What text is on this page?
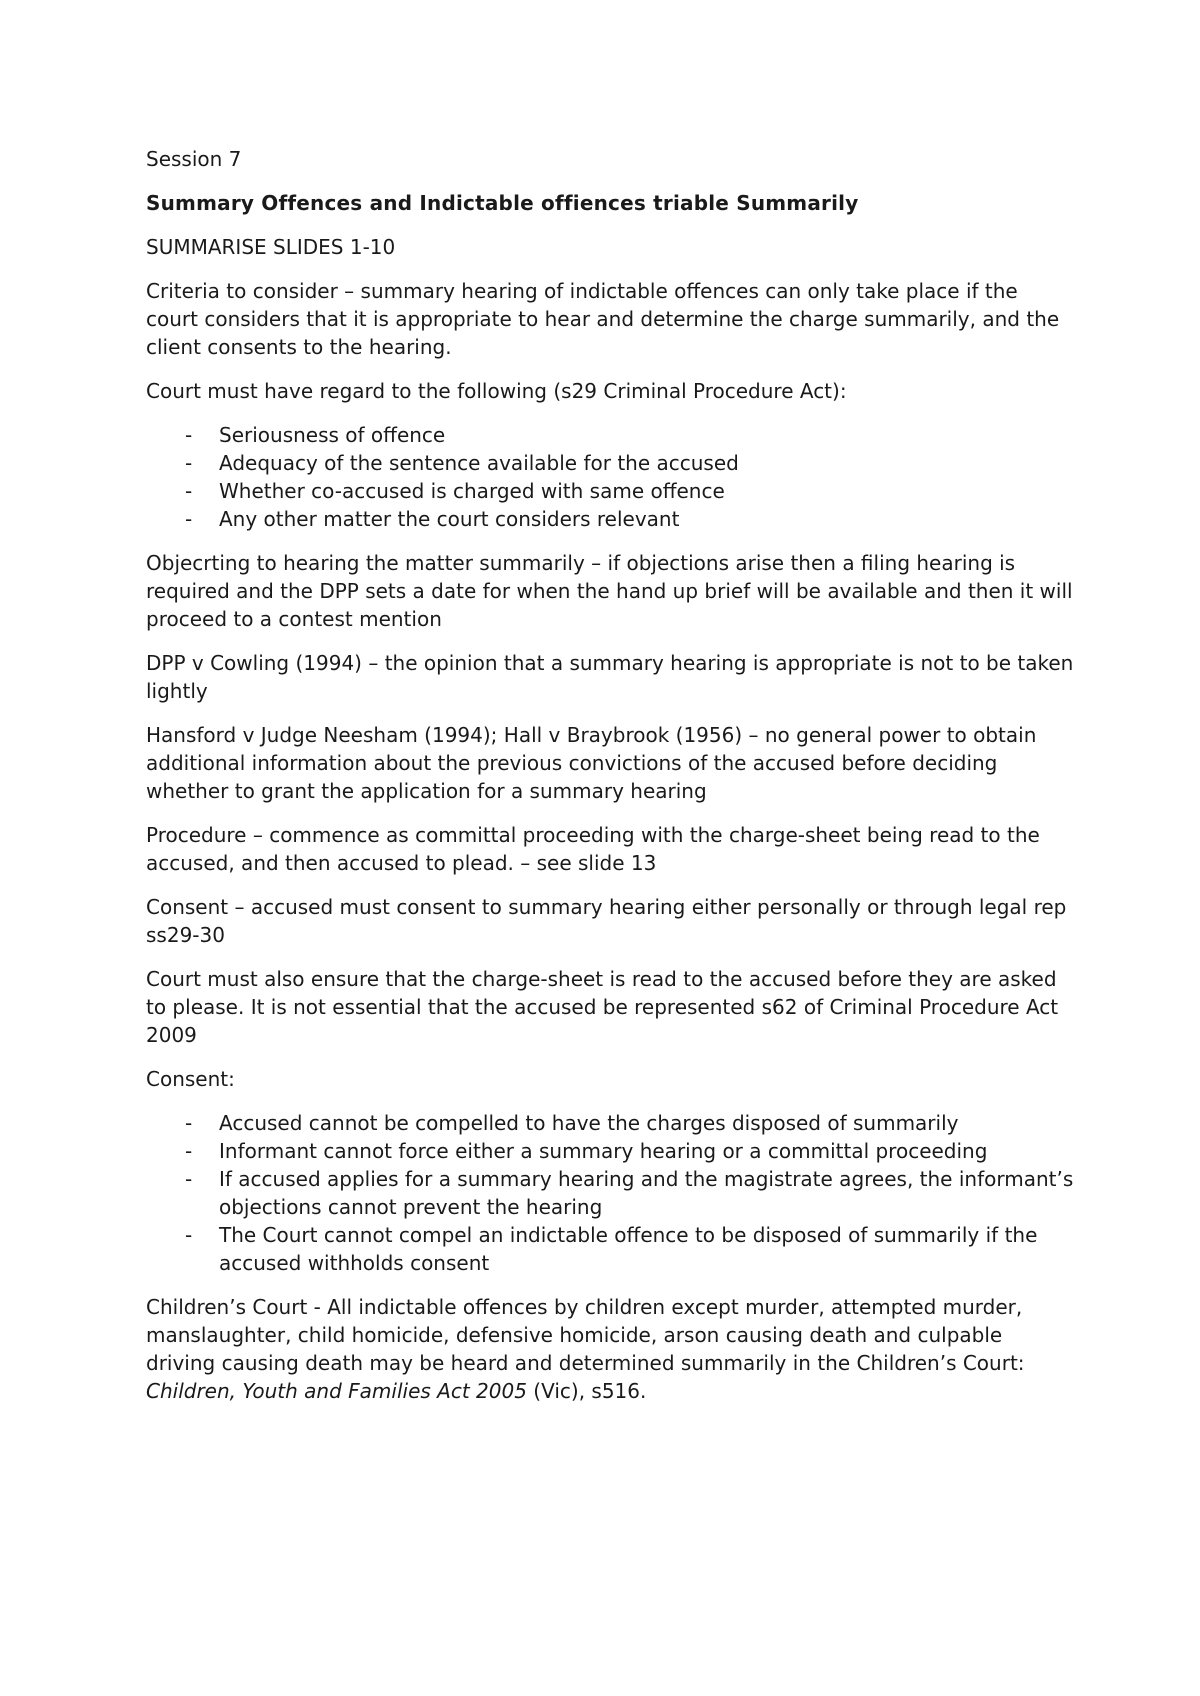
Session 7

Summary Offences and Indictable offiences triable Summarily

SUMMARISE SLIDES 1-10

Criteria to consider – summary hearing of indictable offences can only take place if the court considers that it is appropriate to hear and determine the charge summarily, and the client consents to the hearing.

Court must have regard to the following (s29 Criminal Procedure Act):

- Seriousness of offence
- Adequacy of the sentence available for the accused
- Whether co-accused is charged with same offence
- Any other matter the court considers relevant

Objecrting to hearing the matter summarily – if objections arise then a filing hearing is required and the DPP sets a date for when the hand up brief will be available and then it will proceed to a contest mention

DPP v Cowling (1994) – the opinion that a summary hearing is appropriate is not to be taken lightly

Hansford v Judge Neesham (1994); Hall v Braybrook (1956) – no general power to obtain additional information about the previous convictions of the accused before deciding whether to grant the application for a summary hearing

Procedure – commence as committal proceeding with the charge-sheet being read to the accused, and then accused to plead. – see slide 13

Consent – accused must consent to summary hearing either personally or through legal rep ss29-30

Court must also ensure that the charge-sheet is read to the accused before they are asked to please. It is not essential that the accused be represented s62 of Criminal Procedure Act 2009

Consent:

- Accused cannot be compelled to have the charges disposed of summarily
- Informant cannot force either a summary hearing or a committal proceeding
- If accused applies for a summary hearing and the magistrate agrees, the informant’s objections cannot prevent the hearing
- The Court cannot compel an indictable offence to be disposed of summarily if the accused withholds consent

Children’s Court - All indictable offences by children except murder, attempted murder, manslaughter, child homicide, defensive homicide, arson causing death and culpable driving causing death may be heard and determined summarily in the Children’s Court: Children, Youth and Families Act 2005 (Vic), s516.
